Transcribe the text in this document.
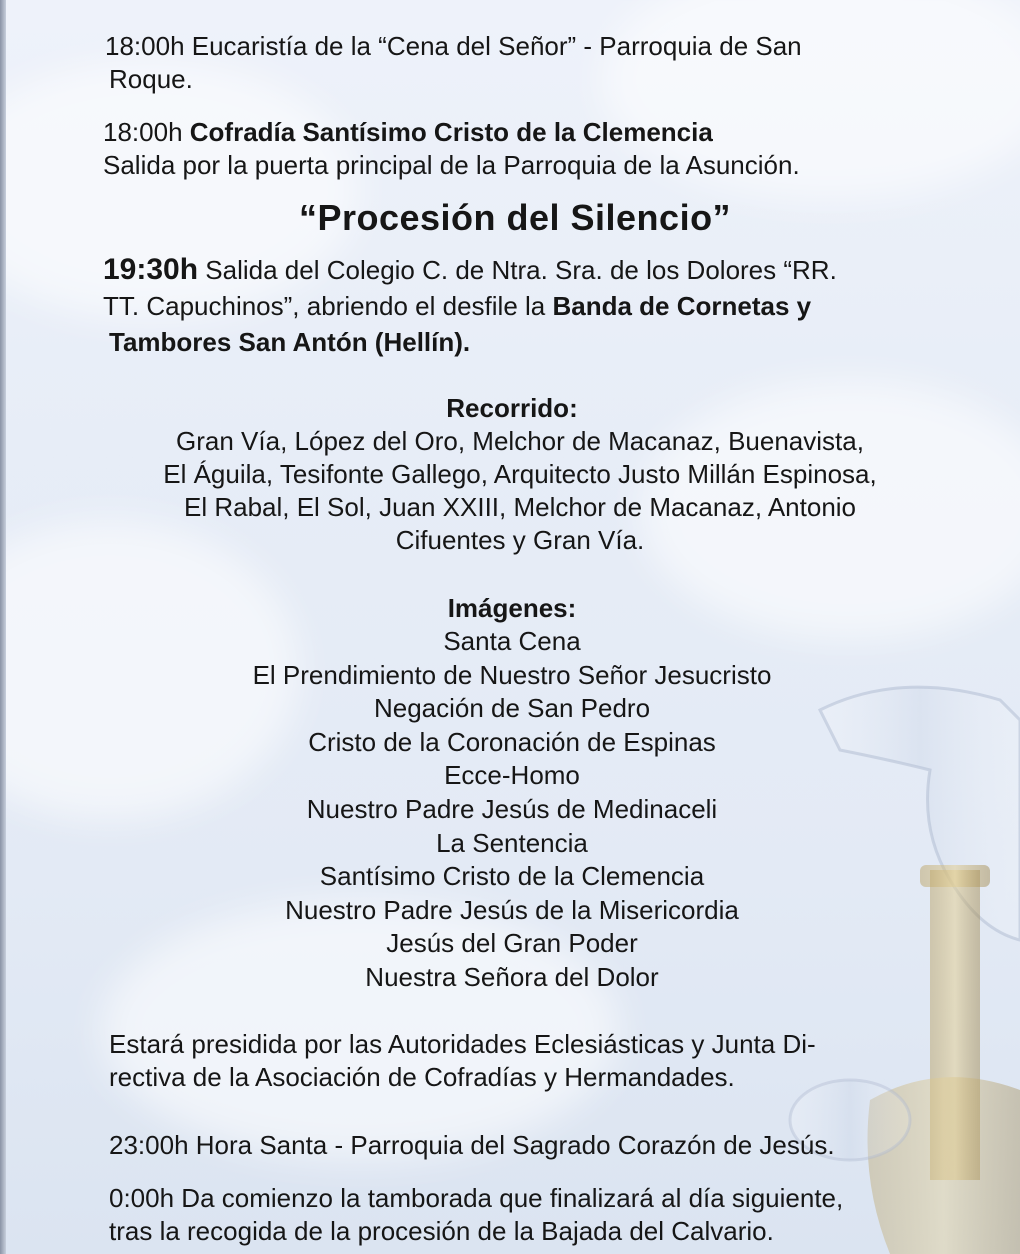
18:00h Eucaristía de la “Cena del Señor” - Parroquia de San
Roque.

18:00h Cofradía Santísimo Cristo de la Clemencia
Salida por la puerta principal de la Parroquia de la Asunción.

“Procesión del Silencio”

19:30h Salida del Colegio C. de Ntra. Sra. de los Dolores “RR.
TT. Capuchinos”, abriendo el desfile la Banda de Cornetas y
Tambores San Antón (Hellín).

Recorrido:

Gran Vía, López del Oro, Melchor de Macanaz, Buenavista,
El Águila, Tesifonte Gallego, Arquitecto Justo Millán Espinosa,
El Rabal, El Sol, Juan XXIII, Melchor de Macanaz, Antonio
Cifuentes y Gran Vía.

Imágenes:

Santa Cena
El Prendimiento de Nuestro Señor Jesucristo
Negación de San Pedro
Cristo de la Coronación de Espinas
Ecce-Homo
Nuestro Padre Jesús de Medinaceli
La Sentencia
Santísimo Cristo de la Clemencia
Nuestro Padre Jesús de la Misericordia
Jesús del Gran Poder
Nuestra Señora del Dolor

Estará presidida por las Autoridades Eclesiásticas y Junta Di-
rectiva de la Asociación de Cofradías y Hermandades.

23:00h Hora Santa - Parroquia del Sagrado Corazón de Jesús.

0:00h Da comienzo la tamborada que finalizará al día siguiente,
tras la recogida de la procesión de la Bajada del Calvario.
